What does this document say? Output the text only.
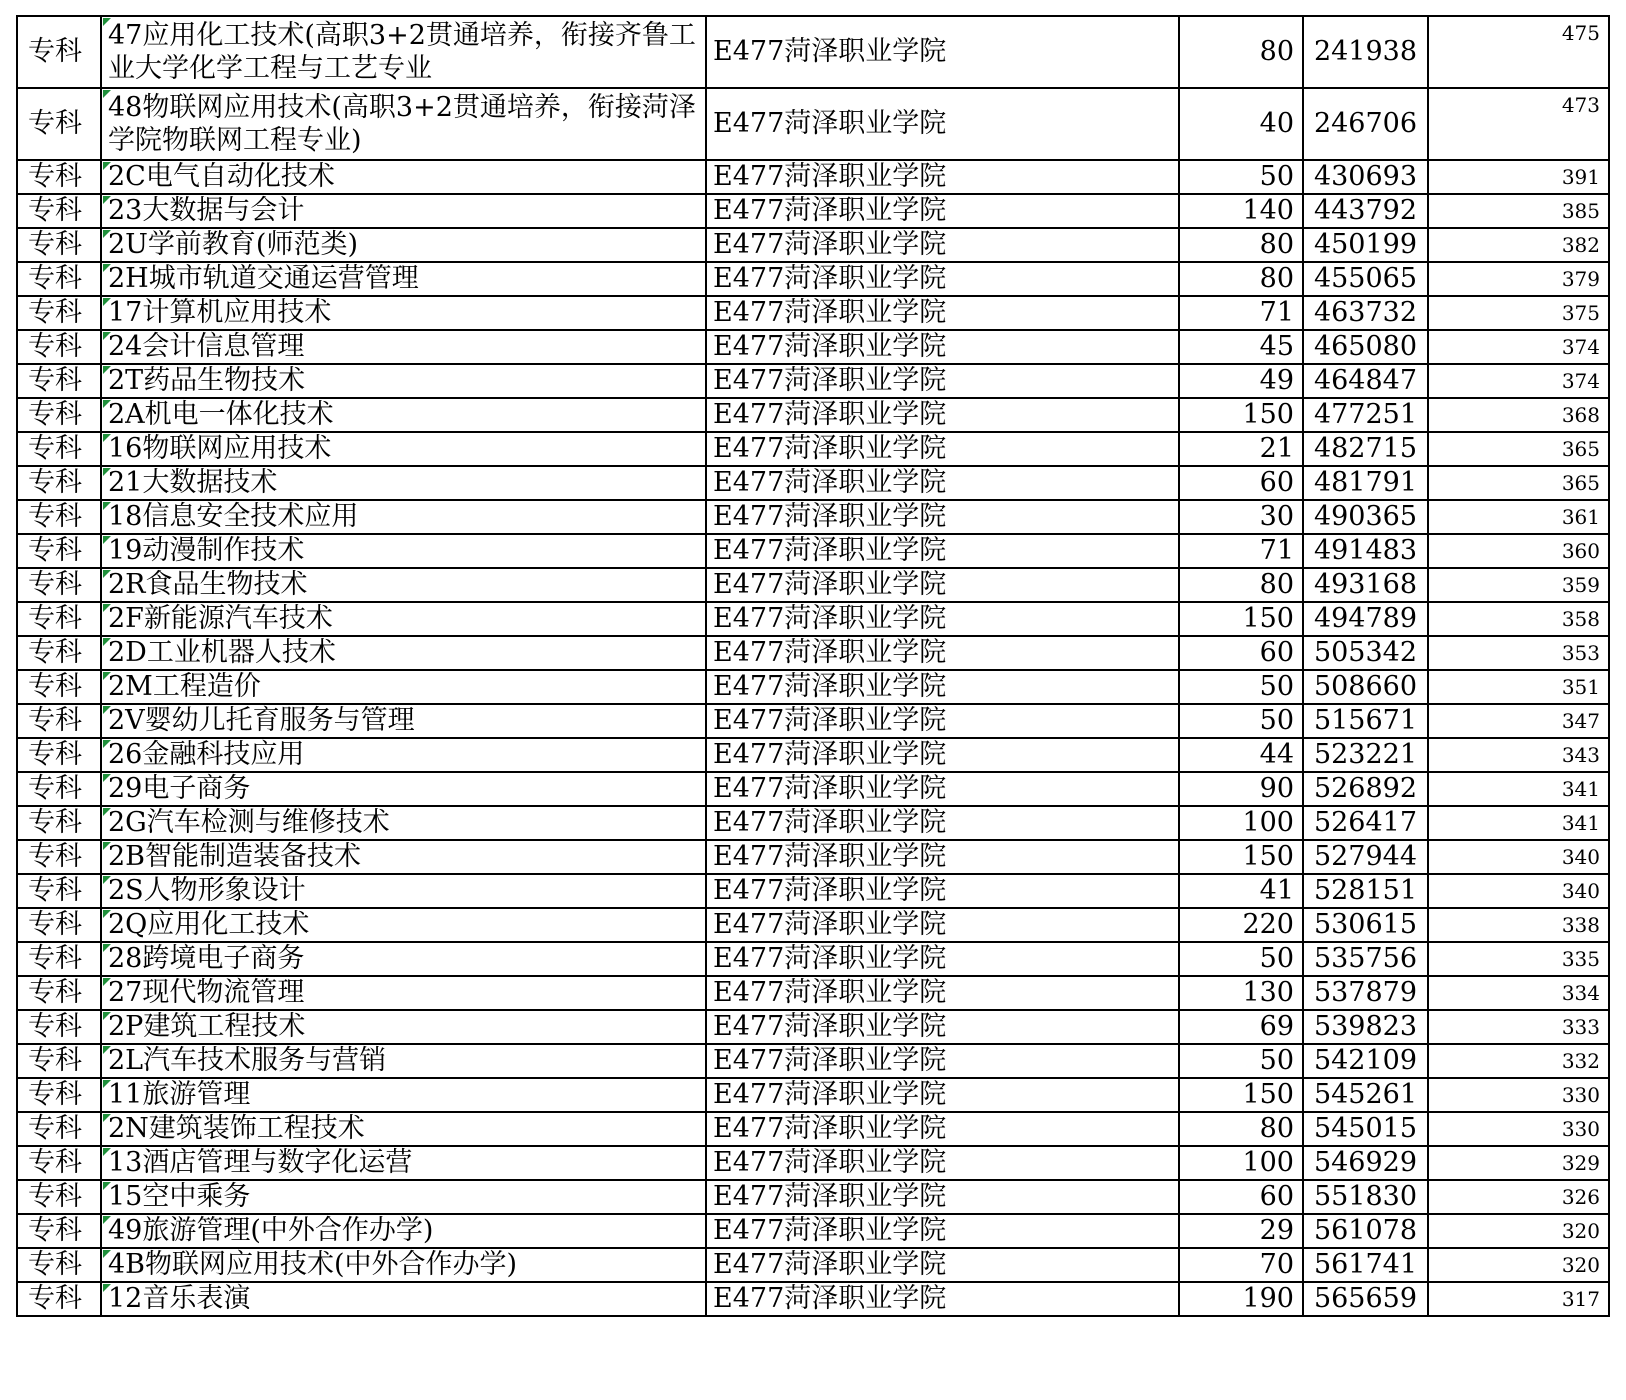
专科	47应用化工技术(高职3+2贯通培养，衔接齐鲁工业大学化学工程与工艺专业	E477菏泽职业学院	80	241938	475
专科	48物联网应用技术(高职3+2贯通培养，衔接菏泽学院物联网工程专业)	E477菏泽职业学院	40	246706	473
专科	2C电气自动化技术	E477菏泽职业学院	50	430693	391
专科	23大数据与会计	E477菏泽职业学院	140	443792	385
专科	2U学前教育(师范类)	E477菏泽职业学院	80	450199	382
专科	2H城市轨道交通运营管理	E477菏泽职业学院	80	455065	379
专科	17计算机应用技术	E477菏泽职业学院	71	463732	375
专科	24会计信息管理	E477菏泽职业学院	45	465080	374
专科	2T药品生物技术	E477菏泽职业学院	49	464847	374
专科	2A机电一体化技术	E477菏泽职业学院	150	477251	368
专科	16物联网应用技术	E477菏泽职业学院	21	482715	365
专科	21大数据技术	E477菏泽职业学院	60	481791	365
专科	18信息安全技术应用	E477菏泽职业学院	30	490365	361
专科	19动漫制作技术	E477菏泽职业学院	71	491483	360
专科	2R食品生物技术	E477菏泽职业学院	80	493168	359
专科	2F新能源汽车技术	E477菏泽职业学院	150	494789	358
专科	2D工业机器人技术	E477菏泽职业学院	60	505342	353
专科	2M工程造价	E477菏泽职业学院	50	508660	351
专科	2V婴幼儿托育服务与管理	E477菏泽职业学院	50	515671	347
专科	26金融科技应用	E477菏泽职业学院	44	523221	343
专科	29电子商务	E477菏泽职业学院	90	526892	341
专科	2G汽车检测与维修技术	E477菏泽职业学院	100	526417	341
专科	2B智能制造装备技术	E477菏泽职业学院	150	527944	340
专科	2S人物形象设计	E477菏泽职业学院	41	528151	340
专科	2Q应用化工技术	E477菏泽职业学院	220	530615	338
专科	28跨境电子商务	E477菏泽职业学院	50	535756	335
专科	27现代物流管理	E477菏泽职业学院	130	537879	334
专科	2P建筑工程技术	E477菏泽职业学院	69	539823	333
专科	2L汽车技术服务与营销	E477菏泽职业学院	50	542109	332
专科	11旅游管理	E477菏泽职业学院	150	545261	330
专科	2N建筑装饰工程技术	E477菏泽职业学院	80	545015	330
专科	13酒店管理与数字化运营	E477菏泽职业学院	100	546929	329
专科	15空中乘务	E477菏泽职业学院	60	551830	326
专科	49旅游管理(中外合作办学)	E477菏泽职业学院	29	561078	320
专科	4B物联网应用技术(中外合作办学)	E477菏泽职业学院	70	561741	320
专科	12音乐表演	E477菏泽职业学院	190	565659	317
